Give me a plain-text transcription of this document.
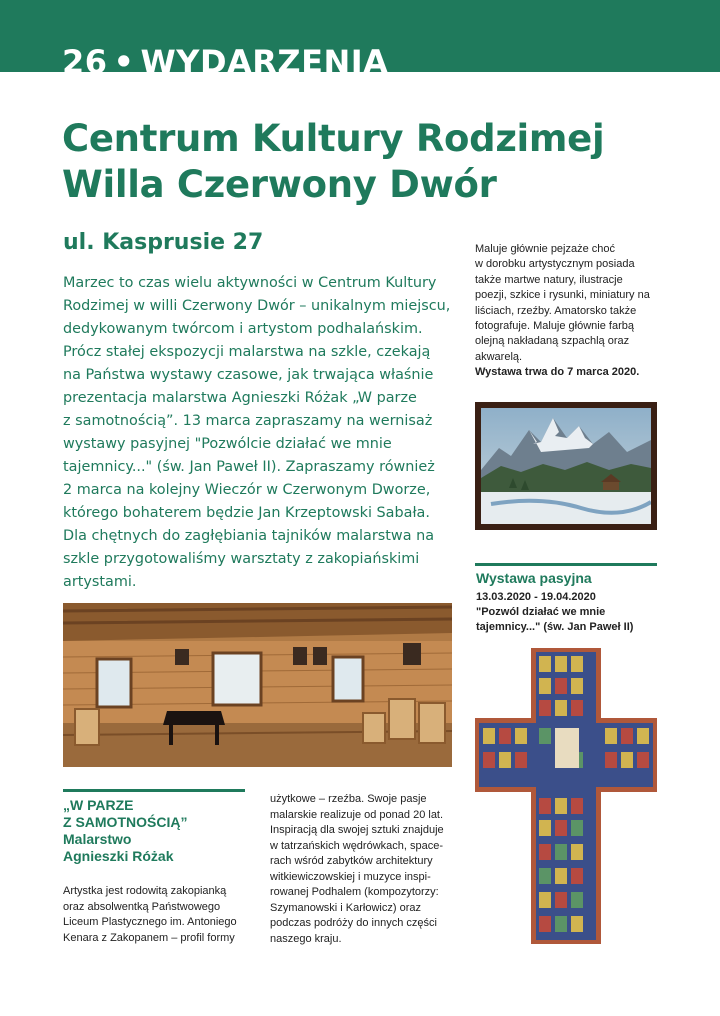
26 • WYDARZENIA
Centrum Kultury Rodzimej
Willa Czerwony Dwór
ul. Kasprusie 27
Marzec to czas wielu aktywności w Centrum Kultury
Rodzimej w willi Czerwony Dwór – unikalnym miejscu,
dedykowanym twórcom i artystom podhalańskim.
Prócz stałej ekspozycji malarstwa na szkle, czekają
na Państwa wystawy czasowe, jak trwająca właśnie
prezentacja malarstwa Agnieszki Różak „W parze
z samotnością”. 13 marca zapraszamy na wernisaż
wystawy pasyjnej "Pozwólcie działać we mnie
tajemnicy..." (św. Jan Paweł II). Zapraszamy również
2 marca na kolejny Wieczór w Czerwonym Dworze,
którego bohaterem będzie Jan Krzeptowski Sabała.
Dla chętnych do zagłębiania tajników malarstwa na
szkle przygotowaliśmy warsztaty z zakopiańskimi
artystami.
Maluje głównie pejzaże choć
w dorobku artystycznym posiada
także martwe natury, ilustracje
poezji, szkice i rysunki, miniatury na
liściach, rzeźby. Amatorsko także
fotografuje. Maluje głównie farbą
olejną nakładaną szpachlą oraz
akwarelą.
Wystawa trwa do 7 marca 2020.
Wystawa pasyjna
13.03.2020 - 19.04.2020
"Pozwól działać we mnie
tajemnicy..." (św. Jan Paweł II)
„W PARZE
Z SAMOTNOŚCIĄ”
Malarstwo
Agnieszki Różak
Artystka jest rodowitą zakopianką
oraz absolwentką Państwowego
Liceum Plastycznego im. Antoniego
Kenara z Zakopanem – profil formy
użytkowe – rzeźba. Swoje pasje
malarskie realizuje od ponad 20 lat.
Inspiracją dla swojej sztuki znajduje
w tatrzańskich wędrówkach, space-
rach wśród zabytków architektury
witkiewiczowskiej i muzyce inspi-
rowanej Podhalem (kompozytorzy:
Szymanowski i Karłowicz) oraz
podczas podróży do innych części
naszego kraju.
